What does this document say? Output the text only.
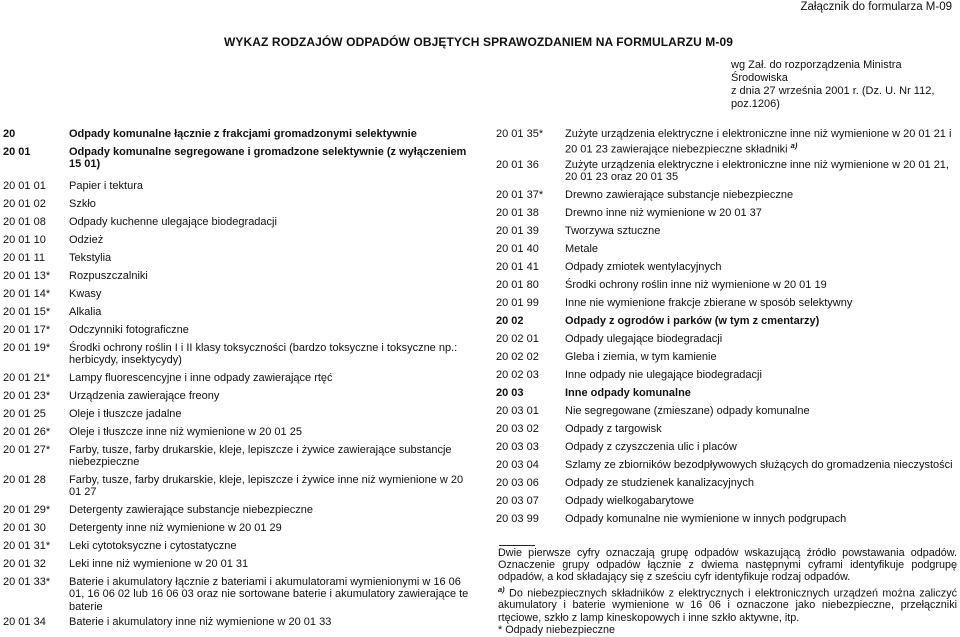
Załącznik do formularza M-09
WYKAZ RODZAJÓW ODPADÓW OBJĘTYCH SPRAWOZDANIEM NA FORMULARZU M-09
wg Zał. do rozporządzenia Ministra Środowiska
z dnia 27 września 2001 r. (Dz. U. Nr 112, poz.1206)
20	Odpady komunalne łącznie z frakcjami gromadzonymi selektywnie
20 01	Odpady komunalne segregowane i gromadzone selektywnie (z wyłączeniem 15 01)
20 01 01	Papier i tektura
20 01 02	Szkło
20 01 08	Odpady kuchenne ulegające biodegradacji
20 01 10	Odzież
20 01 11	Tekstylia
20 01 13*	Rozpuszczalniki
20 01 14*	Kwasy
20 01 15*	Alkalia
20 01 17*	Odczynniki fotograficzne
20 01 19*	Środki ochrony roślin I i II klasy toksyczności (bardzo toksyczne i toksyczne np.: herbicydy, insektycydy)
20 01 21*	Lampy fluorescencyjne i inne odpady zawierające rtęć
20 01 23*	Urządzenia zawierające freony
20 01 25	Oleje i tłuszcze jadalne
20 01 26*	Oleje i tłuszcze inne niż wymienione w 20 01 25
20 01 27*	Farby, tusze, farby drukarskie, kleje, lepiszcze i żywice zawierające substancje niebezpieczne
20 01 28	Farby, tusze, farby drukarskie, kleje, lepiszcze i żywice inne niż wymienione w 20 01 27
20 01 29*	Detergenty zawierające substancje niebezpieczne
20 01 30	Detergenty inne niż wymienione w 20 01 29
20 01 31*	Leki cytotoksyczne i cytostatyczne
20 01 32	Leki inne niż wymienione w 20 01 31
20 01 33*	Baterie i akumulatory łącznie z bateriami i akumulatorami wymienionymi w 16 06 01, 16 06 02 lub 16 06 03 oraz nie sortowane baterie i akumulatory zawierające te baterie
20 01 34	Baterie i akumulatory inne niż wymienione w 20 01 33
20 01 35*	Zużyte urządzenia elektryczne i elektroniczne inne niż wymienione w 20 01 21 i 20 01 23 zawierające niebezpieczne składniki $^{a)}$
20 01 36	Zużyte urządzenia elektryczne i elektroniczne inne niż wymienione w 20 01 21, 20 01 23 oraz 20 01 35
20 01 37*	Drewno zawierające substancje niebezpieczne
20 01 38	Drewno inne niż wymienione w 20 01 37
20 01 39	Tworzywa sztuczne
20 01 40	Metale
20 01 41	Odpady zmiotek wentylacyjnych
20 01 80	Środki ochrony roślin inne niż wymienione w 20 01 19
20 01 99	Inne nie wymienione frakcje zbierane w sposób selektywny
20 02	Odpady z ogrodów i parków (w tym z cmentarzy)
20 02 01	Odpady ulegające biodegradacji
20 02 02	Gleba i ziemia, w tym kamienie
20 02 03	Inne odpady nie ulegające biodegradacji
20 03	Inne odpady komunalne
20 03 01	Nie segregowane (zmieszane) odpady komunalne
20 03 02	Odpady z targowisk
20 03 03	Odpady z czyszczenia ulic i placów
20 03 04	Szlamy ze zbiorników bezodpływowych służących do gromadzenia nieczystości
20 03 06	Odpady ze studzienek kanalizacyjnych
20 03 07	Odpady wielkogabarytowe
20 03 99	Odpady komunalne nie wymienione w innych podgrupach

Dwie pierwsze cyfry oznaczają grupę odpadów wskazującą źródło powstawania odpadów. Oznaczenie grupy odpadów łącznie z dwiema następnymi cyframi identyfikuje podgrupę odpadów, a kod składający się z sześciu cyfr identyfikuje rodzaj odpadów.

$^{a)}$ Do niebezpiecznych składników z elektrycznych i elektronicznych urządzeń można zaliczyć akumulatory i baterie wymienione w 16 06 i oznaczone jako niebezpieczne, przełączniki rtęciowe, szkło z lamp kineskopowych i inne szkło aktywne, itp.

* Odpady niebezpieczne
